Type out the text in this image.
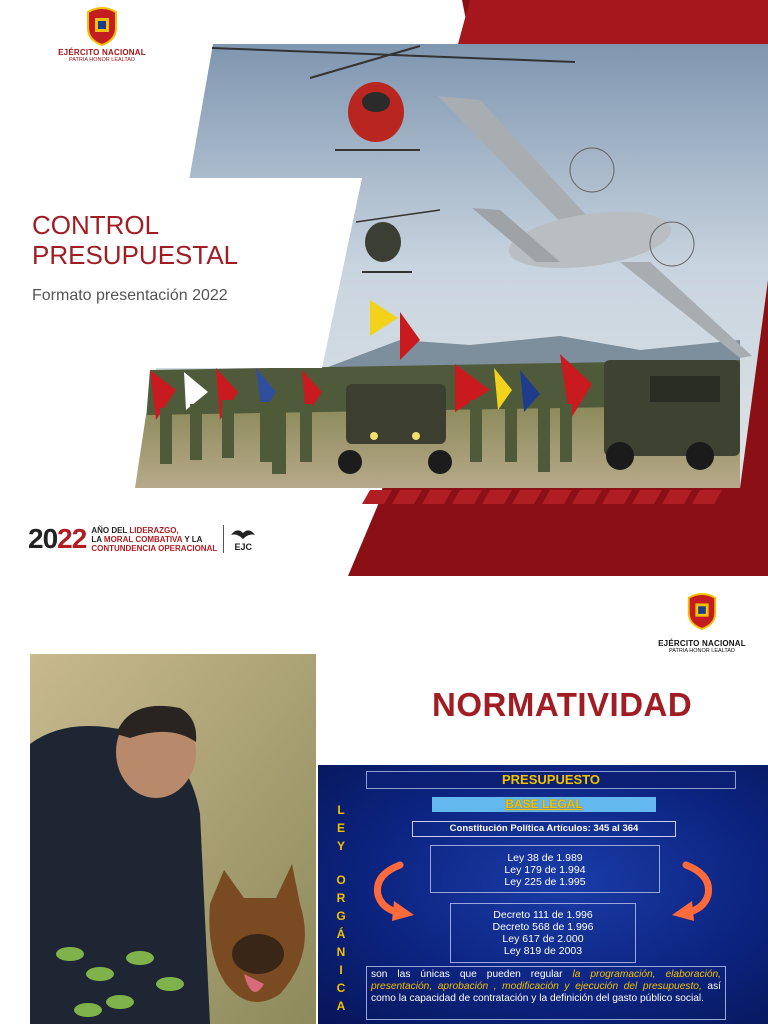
EJÉRCITO NACIONAL
PATRIA HONOR LEALTAD
CONTROL
PRESUPUESTAL
Formato presentación 2022
2022 AÑO DEL LIDERAZGO,
LA MORAL COMBATIVA Y LA
CONTUNDENCIA OPERACIONAL	EJC
EJÉRCITO NACIONAL
PATRIA HONOR LEALTAD
NORMATIVIDAD
PRESUPUESTO
BASE LEGAL
Constitución Política Artículos: 345 al 364
L
E
Y
O
R
G
Á
N
I
C
A
Ley 38 de 1.989
Ley 179 de 1.994
Ley 225 de 1.995
Decreto 111 de 1.996
Decreto 568 de 1.996
Ley 617 de 2.000
Ley 819 de 2003
son las únicas que pueden regular la programación, elaboración, presentación, aprobación , modificación y ejecución del presupuesto, así como la capacidad de contratación y la definición del gasto público social.
